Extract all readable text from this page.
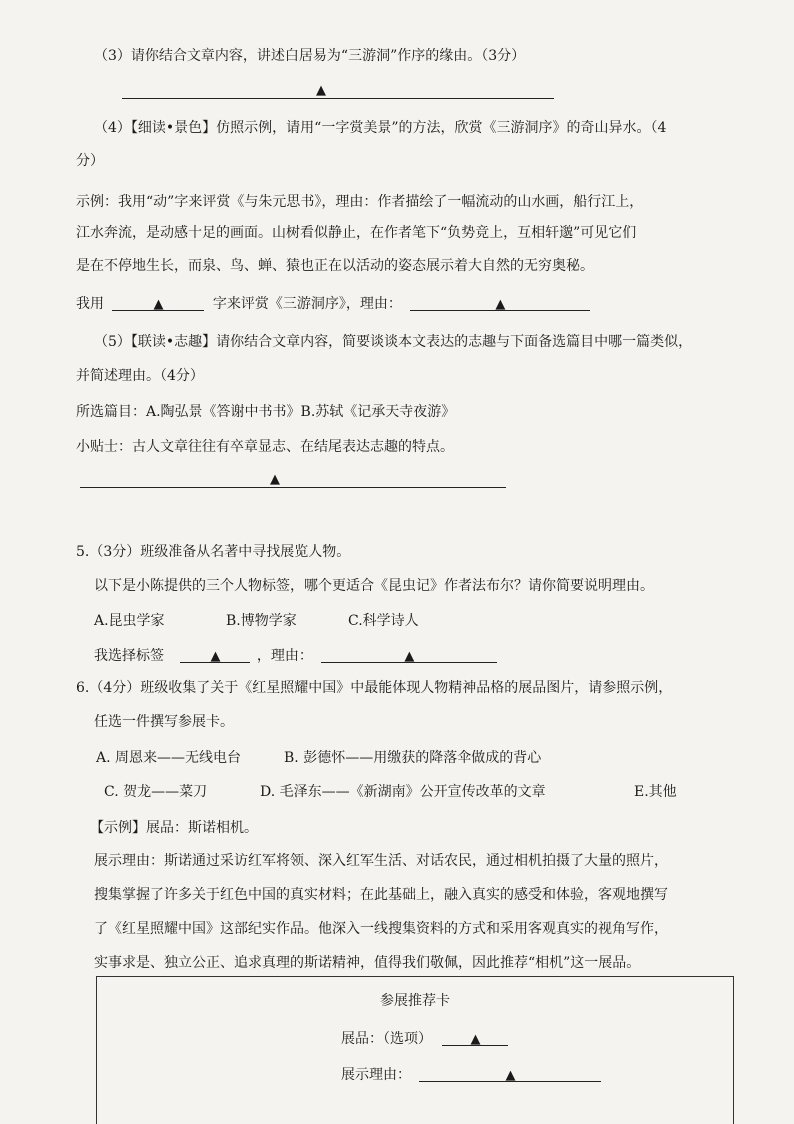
（3）请你结合文章内容，讲述白居易为“三游洞”作序的缘由。（3分）
▲
（4）【细读•景色】仿照示例，请用“一字赏美景”的方法，欣赏《三游洞序》的奇山异水。（4
分）
示例：我用“动”字来评赏《与朱元思书》，理由：作者描绘了一幅流动的山水画，船行江上，
江水奔流，是动感十足的画面。山树看似静止，在作者笔下“负势竞上，互相轩邈”可见它们
是在不停地生长，而泉、鸟、蝉、猿也正在以活动的姿态展示着大自然的无穷奥秘。
我用	▲	字来评赏《三游洞序》，理由：	▲
（5）【联读•志趣】请你结合文章内容，简要谈谈本文表达的志趣与下面备选篇目中哪一篇类似，
并简述理由。（4分）
所选篇目：A.陶弘景《答谢中书书》B.苏轼《记承天寺夜游》
小贴士：古人文章往往有卒章显志、在结尾表达志趣的特点。
▲
5.（3分）班级准备从名著中寻找展览人物。
以下是小陈提供的三个人物标签，哪个更适合《昆虫记》作者法布尔？请你简要说明理由。
A.昆虫学家	B.博物学家	C.科学诗人
我选择标签	▲	，理由：	▲
6.（4分）班级收集了关于《红星照耀中国》中最能体现人物精神品格的展品图片，请参照示例，
任选一件撰写参展卡。
A. 周恩来——无线电台	B. 彭德怀——用缴获的降落伞做成的背心
C. 贺龙——菜刀	D. 毛泽东——《新湖南》公开宣传改革的文章	E.其他
【示例】展品：斯诺相机。
展示理由：斯诺通过采访红军将领、深入红军生活、对话农民，通过相机拍摄了大量的照片，
搜集掌握了许多关于红色中国的真实材料；在此基础上，融入真实的感受和体验，客观地撰写
了《红星照耀中国》这部纪实作品。他深入一线搜集资料的方式和采用客观真实的视角写作，
实事求是、独立公正、追求真理的斯诺精神，值得我们敬佩，因此推荐“相机”这一展品。
参展推荐卡
展品：（选项）	▲
展示理由：	▲
